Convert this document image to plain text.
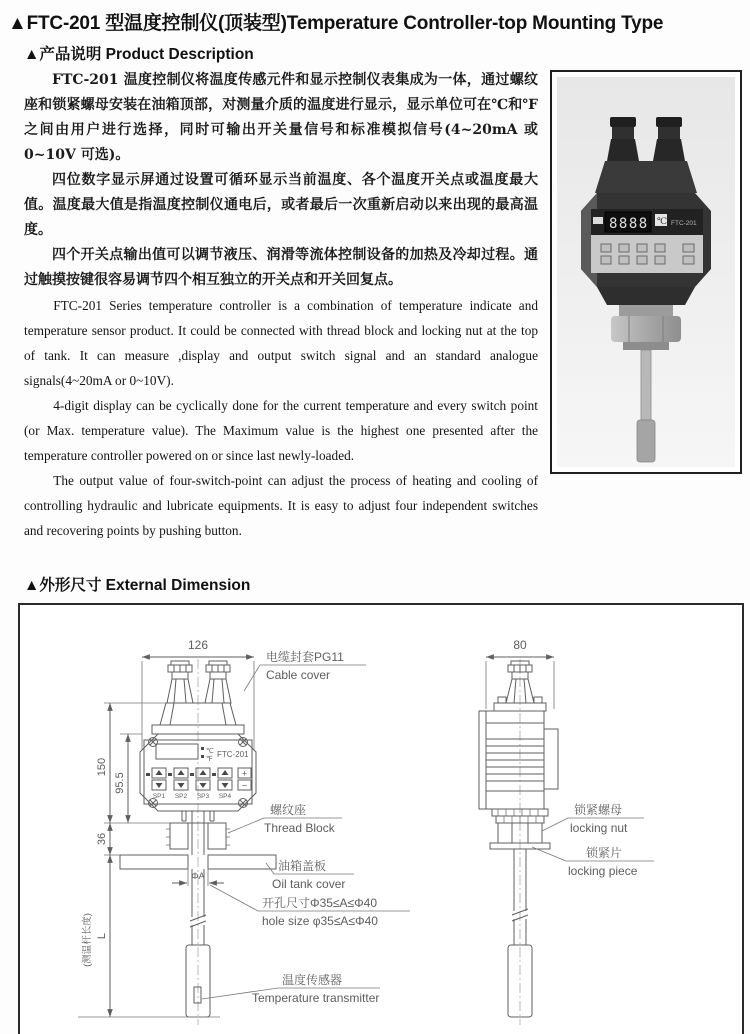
▲FTC-201 型温度控制仪(顶装型)Temperature Controller-top Mounting Type
▲产品说明 Product Description

FTC-201 温度控制仪将温度传感元件和显示控制仪表集成为一体，通过螺纹座和锁紧螺母安装在油箱顶部，对测量介质的温度进行显示，显示单位可在℃和℉之间由用户进行选择，同时可输出开关量信号和标准模拟信号(4~20mA 或 0~10V 可选)。

四位数字显示屏通过设置可循环显示当前温度、各个温度开关点或温度最大值。温度最大值是指温度控制仪通电后，或者最后一次重新启动以来出现的最高温度。

四个开关点输出值可以调节液压、润滑等流体控制设备的加热及冷却过程。通过触摸按键很容易调节四个相互独立的开关点和开关回复点。

FTC-201 Series temperature controller is a combination of temperature indicate and temperature sensor product. It could be connected with thread block and locking nut at the top of tank. It can measure ,display and output switch signal and an standard analogue signals(4~20mA or 0~10V).

4-digit display can be cyclically done for the current temperature and every switch point (or Max. temperature value). The Maximum value is the highest one presented after the temperature controller powered on or since last newly-loaded.

The output value of four-switch-point can adjust the process of heating and cooling of controlling hydraulic and lubricate equipments. It is easy to adjust four independent switches and recovering points by pushing button.

8888 ℃ FTC-201
▲外形尺寸 External Dimension
126
℃
℉
FTC-201
SP1 SP2 SP3 SP4
+
−
ΦA
150
95.5
36
L
(测温杆长度)
电缆封套PG11
Cable cover
螺纹座
Thread Block
油箱盖板
Oil tank cover
开孔尺寸Φ35≤A≤Φ40
hole size φ35≤A≤Φ40
温度传感器
Temperature transmitter
80
锁紧螺母
locking nut
锁紧片
locking piece
